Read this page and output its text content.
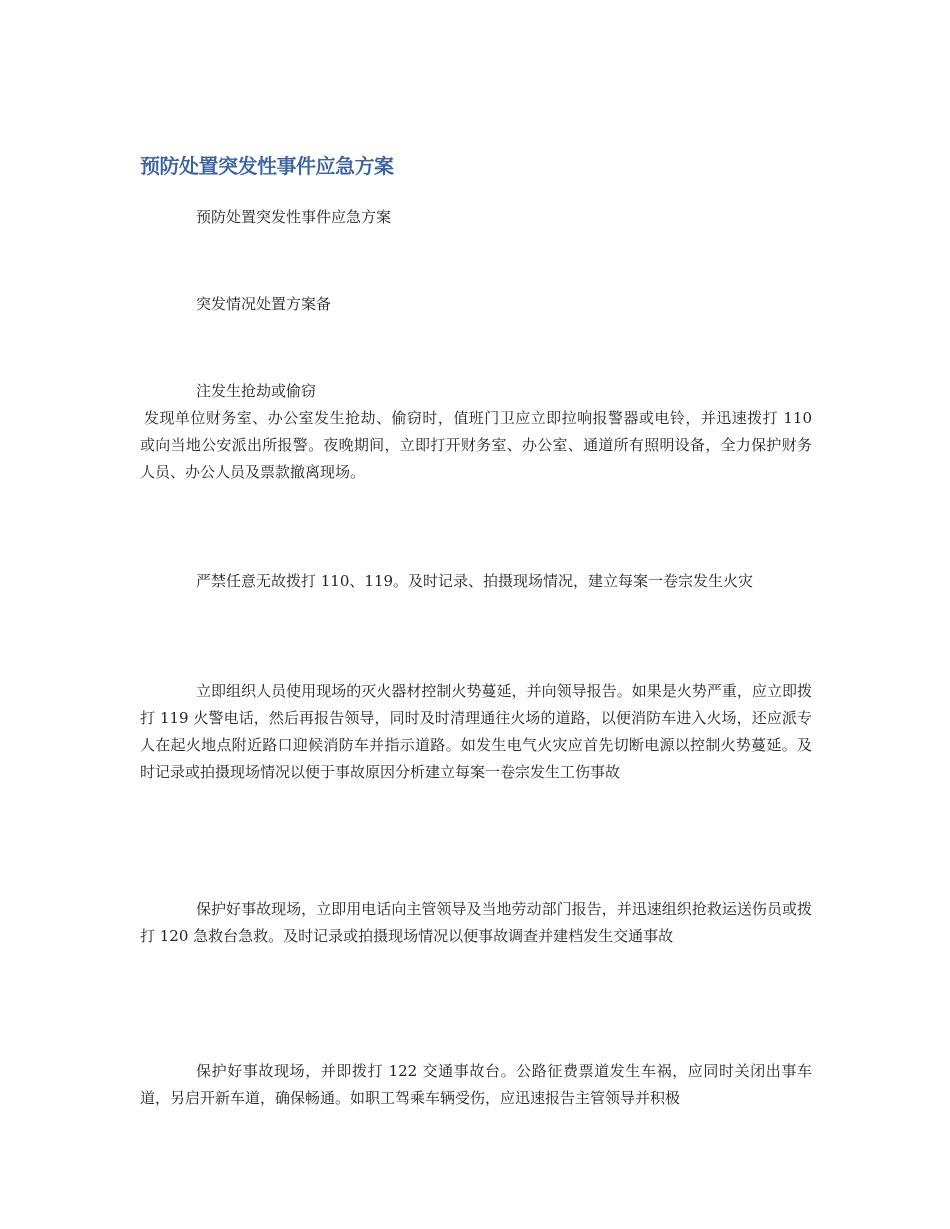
预防处置突发性事件应急方案
预防处置突发性事件应急方案
突发情况处置方案备
注发生抢劫或偷窃
发现单位财务室、办公室发生抢劫、偷窃时，值班门卫应立即拉响报警器或电铃，并迅速拨打 110 或向当地公安派出所报警。夜晚期间，立即打开财务室、办公室、通道所有照明设备，全力保护财务人员、办公人员及票款撤离现场。
严禁任意无故拨打 110、119。及时记录、拍摄现场情况，建立每案一卷宗发生火灾
立即组织人员使用现场的灭火器材控制火势蔓延，并向领导报告。如果是火势严重，应立即拨打 119 火警电话，然后再报告领导，同时及时清理通往火场的道路，以便消防车进入火场，还应派专人在起火地点附近路口迎候消防车并指示道路。如发生电气火灾应首先切断电源以控制火势蔓延。及时记录或拍摄现场情况以便于事故原因分析建立每案一卷宗发生工伤事故
保护好事故现场，立即用电话向主管领导及当地劳动部门报告，并迅速组织抢救运送伤员或拨打 120 急救台急救。及时记录或拍摄现场情况以便事故调查并建档发生交通事故
保护好事故现场，并即拨打 122 交通事故台。公路征费票道发生车祸，应同时关闭出事车道，另启开新车道，确保畅通。如职工驾乘车辆受伤，应迅速报告主管领导并积极
